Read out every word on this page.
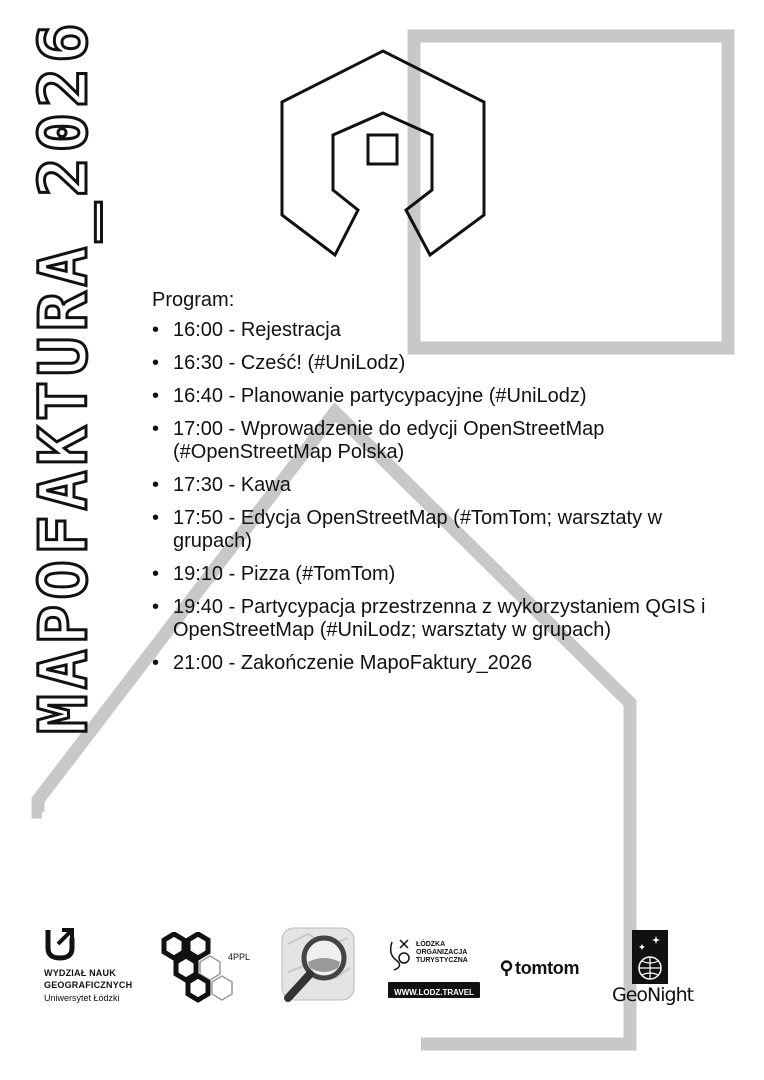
MAPOFAKTURA_2026	Program:
• 16:00 - Rejestracja
• 16:30 - Cześć! (#UniLodz)
• 16:40 - Planowanie partycypacyjne (#UniLodz)
• 17:00 - Wprowadzenie do edycji OpenStreetMap (#OpenStreetMap Polska)
• 17:30 - Kawa
• 17:50 - Edycja OpenStreetMap (#TomTom; warsztaty w grupach)
• 19:10 - Pizza (#TomTom)
• 19:40 - Partycypacja przestrzenna z wykorzystaniem QGIS i OpenStreetMap (#UniLodz; warsztaty w grupach)
• 21:00 - Zakończenie MapoFaktury_2026
WYDZIAŁ NAUK
GEOGRAFICZNYCH
Uniwersytet Łódzki
4PPL
ŁÓDZKA
ORGANIZACJA
TURYSTYCZNA
WWW.LODZ.TRAVEL
tomtom
GeoNight
